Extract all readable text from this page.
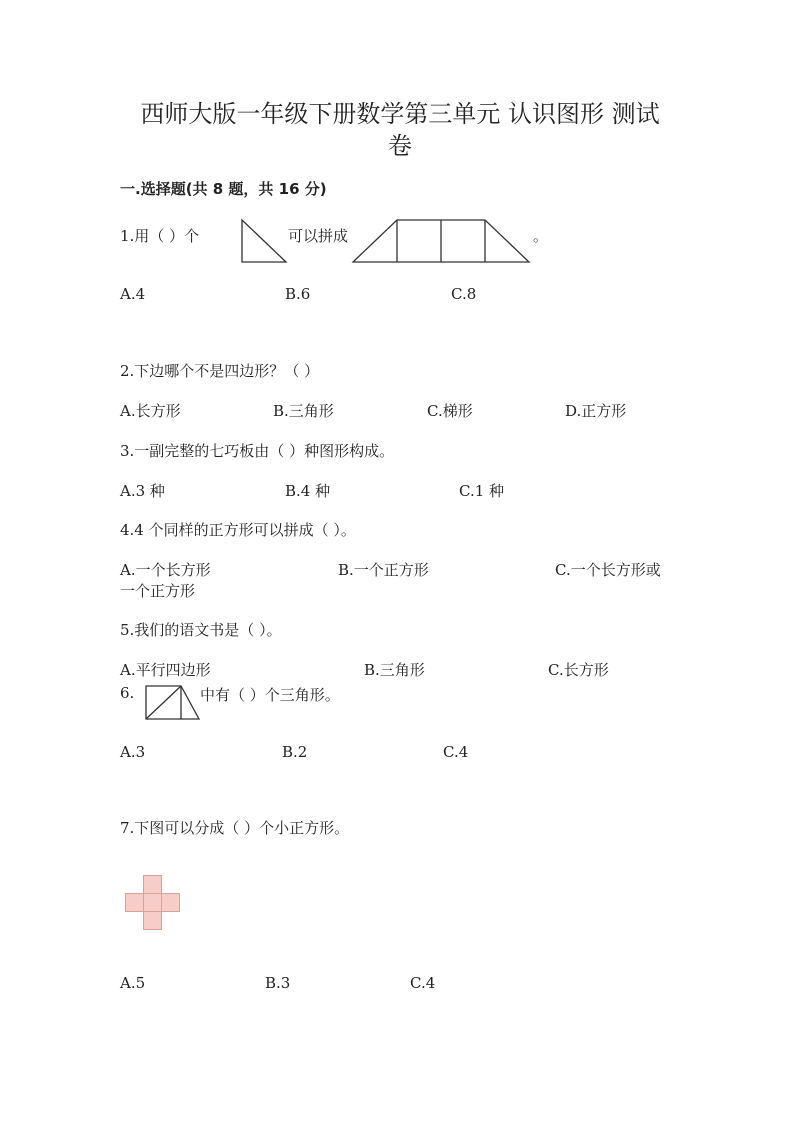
西师大版一年级下册数学第三单元 认识图形 测试
卷
一.选择题(共 8 题，共 16 分)
1.用（ ）个	可以拼成	。
A.4	B.6	C.8
2.下边哪个不是四边形？（ ）
A.长方形	B.三角形	C.梯形	D.正方形
3.一副完整的七巧板由（ ）种图形构成。
A.3 种	B.4 种	C.1 种
4.4 个同样的正方形可以拼成（ ）。
A.一个长方形	B.一个正方形	C.一个长方形或
一个正方形
5.我们的语文书是（ ）。
A.平行四边形	B.三角形	C.长方形
6.	中有（ ）个三角形。
A.3	B.2	C.4
7.下图可以分成（ ）个小正方形。
A.5	B.3	C.4
